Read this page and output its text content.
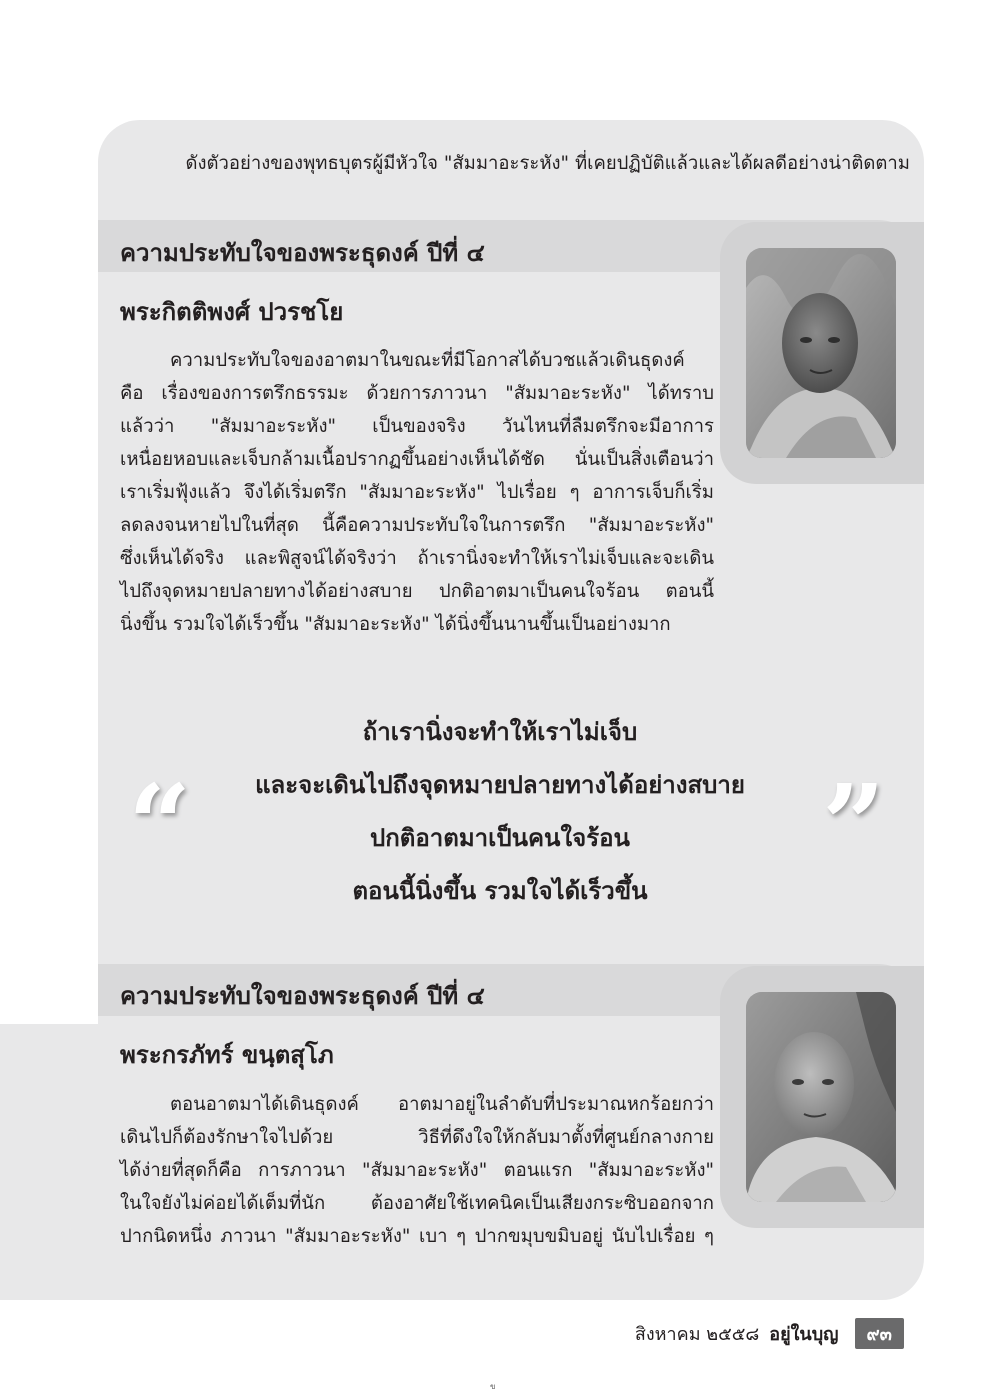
ดังตัวอย่างของพุทธบุตรผู้มีหัวใจ "สัมมาอะระหัง" ที่เคยปฏิบัติแล้วและได้ผลดีอย่างน่าติดตาม
ความประทับใจของพระธุดงค์ ปีที่ ๔
พระกิตติพงศ์ ปวรชโย
ความประทับใจของอาตมาในขณะที่มีโอกาสได้บวชแล้วเดินธุดงค์
คือ เรื่องของการตรึกธรรมะ ด้วยการภาวนา "สัมมาอะระหัง" ได้ทราบ
แล้วว่า "สัมมาอะระหัง" เป็นของจริง วันไหนที่ลืมตรึกจะมีอาการ
เหนื่อยหอบและเจ็บกล้ามเนื้อปรากฏขึ้นอย่างเห็นได้ชัด นั่นเป็นสิ่งเตือนว่า
เราเริ่มฟุ้งแล้ว จึงได้เริ่มตรึก "สัมมาอะระหัง" ไปเรื่อย ๆ อาการเจ็บก็เริ่ม
ลดลงจนหายไปในที่สุด นี้คือความประทับใจในการตรึก "สัมมาอะระหัง"
ซึ่งเห็นได้จริง และพิสูจน์ได้จริงว่า ถ้าเรานิ่งจะทำให้เราไม่เจ็บและจะเดิน
ไปถึงจุดหมายปลายทางได้อย่างสบาย ปกติอาตมาเป็นคนใจร้อน ตอนนี้
นิ่งขึ้น รวมใจได้เร็วขึ้น "สัมมาอะระหัง" ได้นิ่งขึ้นนานขึ้นเป็นอย่างมาก
“	”
ถ้าเรานิ่งจะทำให้เราไม่เจ็บ
และจะเดินไปถึงจุดหมายปลายทางได้อย่างสบาย
ปกติอาตมาเป็นคนใจร้อน
ตอนนี้นิ่งขึ้น รวมใจได้เร็วขึ้น
ความประทับใจของพระธุดงค์ ปีที่ ๔
พระกรภัทร์ ขนฺตสุโภ
ตอนอาตมาได้เดินธุดงค์ อาตมาอยู่ในลำดับที่ประมาณหกร้อยกว่า
เดินไปก็ต้องรักษาใจไปด้วย วิธีที่ดึงใจให้กลับมาตั้งที่ศูนย์กลางกาย
ได้ง่ายที่สุดก็คือ การภาวนา "สัมมาอะระหัง" ตอนแรก "สัมมาอะระหัง"
ในใจยังไม่ค่อยได้เต็มที่นัก ต้องอาศัยใช้เทคนิคเป็นเสียงกระซิบออกจาก
ปากนิดหนึ่ง ภาวนา "สัมมาอะระหัง" เบา ๆ ปากขมุบขมิบอยู่ นับไปเรื่อย ๆ
สิงหาคม ๒๕๕๘ อยู่ในบุญ	๙๓
ข
